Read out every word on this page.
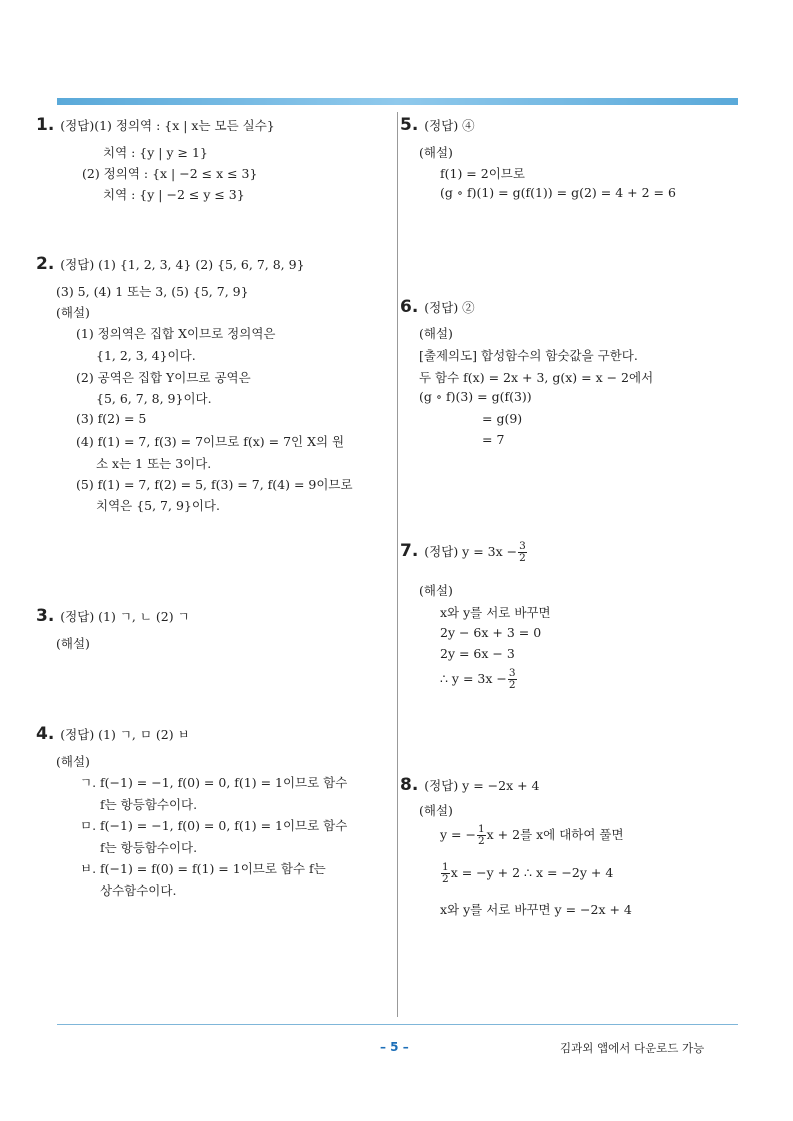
1. (정답)(1) 정의역 : {x | x는 모든 실수}
치역 : {y | y ≥ 1}
(2) 정의역 : {x | −2 ≤ x ≤ 3}
치역 : {y | −2 ≤ y ≤ 3}
2. (정답) (1) {1, 2, 3, 4} (2) {5, 6, 7, 8, 9}
(3) 5, (4) 1 또는 3, (5) {5, 7, 9}
(해설)
(1) 정의역은 집합 X이므로 정의역은
{1, 2, 3, 4}이다.
(2) 공역은 집합 Y이므로 공역은
{5, 6, 7, 8, 9}이다.
(3) f(2) = 5
(4) f(1) = 7, f(3) = 7이므로 f(x) = 7인 X의 원
소 x는 1 또는 3이다.
(5) f(1) = 7, f(2) = 5, f(3) = 7, f(4) = 9이므로
치역은 {5, 7, 9}이다.
3. (정답) (1) ㄱ, ㄴ (2) ㄱ
(해설)
4. (정답) (1) ㄱ, ㅁ (2) ㅂ
(해설)
ㄱ. f(−1) = −1, f(0) = 0, f(1) = 1이므로 함수
f는 항등함수이다.
ㅁ. f(−1) = −1, f(0) = 0, f(1) = 1이므로 함수
f는 항등함수이다.
ㅂ. f(−1) = f(0) = f(1) = 1이므로 함수 f는
상수함수이다.
5. (정답) ④
(해설)
f(1) = 2이므로
(g ∘ f)(1) = g(f(1)) = g(2) = 4 + 2 = 6
6. (정답) ②
(해설)
[출제의도] 합성함수의 함숫값을 구한다.
두 함수 f(x) = 2x + 3, g(x) = x − 2에서
(g ∘ f)(3) = g(f(3))
= g(9)
= 7
7. (정답) $y = 3x - \frac{3}{2}$
(해설)
x와 y를 서로 바꾸면
2y − 6x + 3 = 0
2y = 6x − 3
∴ $y = 3x - \frac{3}{2}$
8. (정답) y = −2x + 4
(해설)
y = − $\frac{1}{2}$ x + 2를 x에 대하여 풀면
$\frac{1}{2}$ x = −y + 2 ∴ x = −2y + 4
x와 y를 서로 바꾸면 y = −2x + 4
– 5 –	김과외 앱에서 다운로드 가능
